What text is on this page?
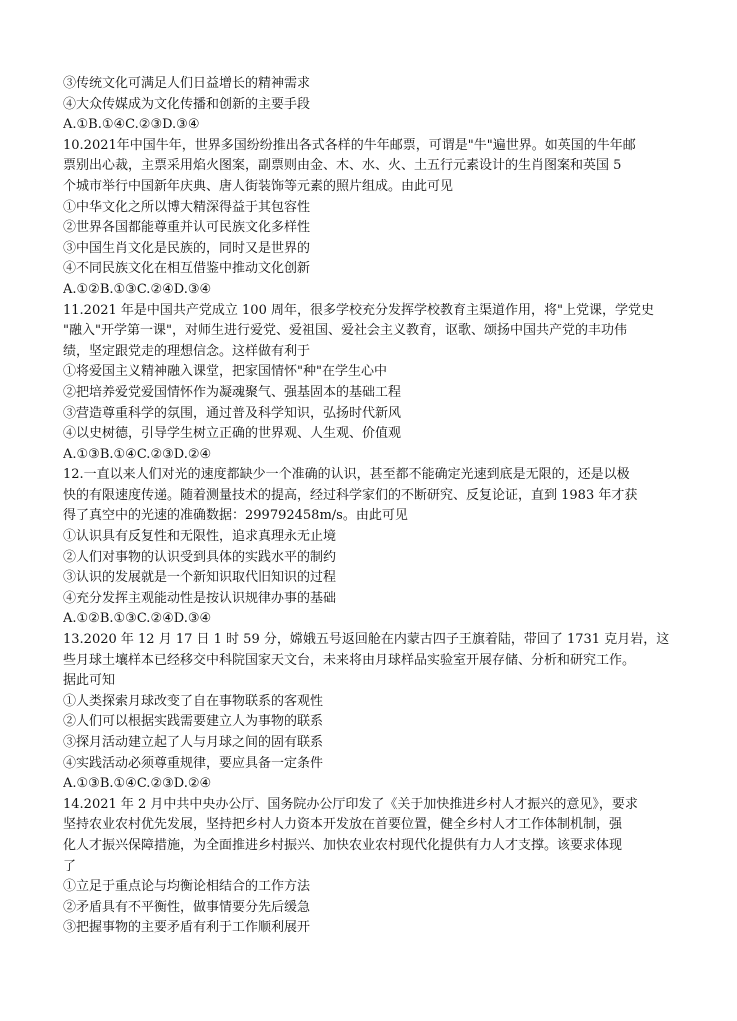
③传统文化可满足人们日益增长的精神需求
④大众传媒成为文化传播和创新的主要手段
A.①B.①④C.②③D.③④
10.2021年中国牛年，世界多国纷纷推出各式各样的牛年邮票，可谓是"牛"遍世界。如英国的牛年邮
票别出心裁，主票采用焰火图案，副票则由金、木、水、火、土五行元素设计的生肖图案和英国 5
个城市举行中国新年庆典、唐人街装饰等元素的照片组成。由此可见
①中华文化之所以博大精深得益于其包容性
②世界各国都能尊重并认可民族文化多样性
③中国生肖文化是民族的，同时又是世界的
④不同民族文化在相互借鉴中推动文化创新
A.①②B.①③C.②④D.③④
11.2021 年是中国共产党成立 100 周年，很多学校充分发挥学校教育主渠道作用，将"上党课，学党史
"融入"开学第一课"，对师生进行爱党、爱祖国、爱社会主义教育，讴歌、颂扬中国共产党的丰功伟
绩，坚定跟党走的理想信念。这样做有利于
①将爱国主义精神融入课堂，把家国情怀"种"在学生心中
②把培养爱党爱国情怀作为凝魂聚气、强基固本的基础工程
③营造尊重科学的氛围，通过普及科学知识，弘扬时代新风
④以史树德，引导学生树立正确的世界观、人生观、价值观
A.①③B.①④C.②③D.②④
12.一直以来人们对光的速度都缺少一个准确的认识，甚至都不能确定光速到底是无限的，还是以极
快的有限速度传递。随着测量技术的提高，经过科学家们的不断研究、反复论证，直到 1983 年才获
得了真空中的光速的准确数据：299792458m/s。由此可见
①认识具有反复性和无限性，追求真理永无止境
②人们对事物的认识受到具体的实践水平的制约
③认识的发展就是一个新知识取代旧知识的过程
④充分发挥主观能动性是按认识规律办事的基础
A.①②B.①③C.②④D.③④
13.2020 年 12 月 17 日 1 时 59 分，嫦娥五号返回舱在内蒙古四子王旗着陆，带回了 1731 克月岩，这
些月球土壤样本已经移交中科院国家天文台，未来将由月球样品实验室开展存储、分析和研究工作。
据此可知
①人类探索月球改变了自在事物联系的客观性
②人们可以根据实践需要建立人为事物的联系
③探月活动建立起了人与月球之间的固有联系
④实践活动必须尊重规律，要应具备一定条件
A.①③B.①④C.②③D.②④
14.2021 年 2 月中共中央办公厅、国务院办公厅印发了《关于加快推进乡村人才振兴的意见》，要求
坚持农业农村优先发展，坚持把乡村人力资本开发放在首要位置，健全乡村人才工作体制机制，强
化人才振兴保障措施，为全面推进乡村振兴、加快农业农村现代化提供有力人才支撑。该要求体现
了
①立足于重点论与均衡论相结合的工作方法
②矛盾具有不平衡性，做事情要分先后缓急
③把握事物的主要矛盾有利于工作顺利展开
